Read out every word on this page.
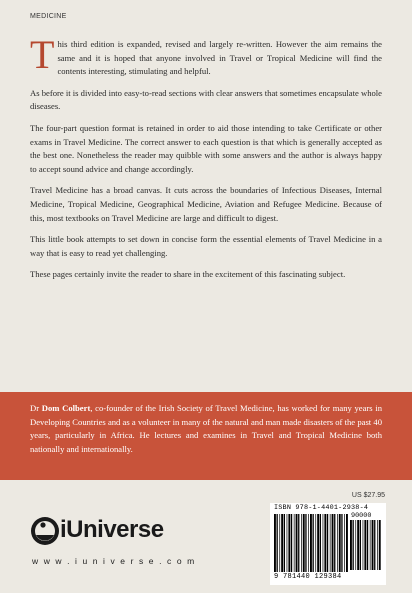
MEDICINE

This third edition is expanded, revised and largely re-written. However the aim remains the same and it is hoped that anyone involved in Travel or Tropical Medicine will find the contents interesting, stimulating and helpful.

As before it is divided into easy-to-read sections with clear answers that sometimes encapsulate whole diseases.

The four-part question format is retained in order to aid those intending to take Certificate or other exams in Travel Medicine. The correct answer to each question is that which is generally accepted as the best one. Nonetheless the reader may quibble with some answers and the author is always happy to accept sound advice and change accordingly.

Travel Medicine has a broad canvas. It cuts across the boundaries of Infectious Diseases, Internal Medicine, Tropical Medicine, Geographical Medicine, Aviation and Refugee Medicine. Because of this, most textbooks on Travel Medicine are large and difficult to digest.

This little book attempts to set down in concise form the essential elements of Travel Medicine in a way that is easy to read yet challenging.

These pages certainly invite the reader to share in the excitement of this fascinating subject.

Dr Dom Colbert, co-founder of the Irish Society of Travel Medicine, has worked for many years in Developing Countries and as a volunteer in many of the natural and man made disasters of the past 40 years, particularly in Africa. He lectures and examines in Travel and Tropical Medicine both nationally and internationally.
US $27.95
iUniverse
w w w . i u n i v e r s e . c o m
ISBN 978-1-4401-2938-4
90000
9 781440 129384
